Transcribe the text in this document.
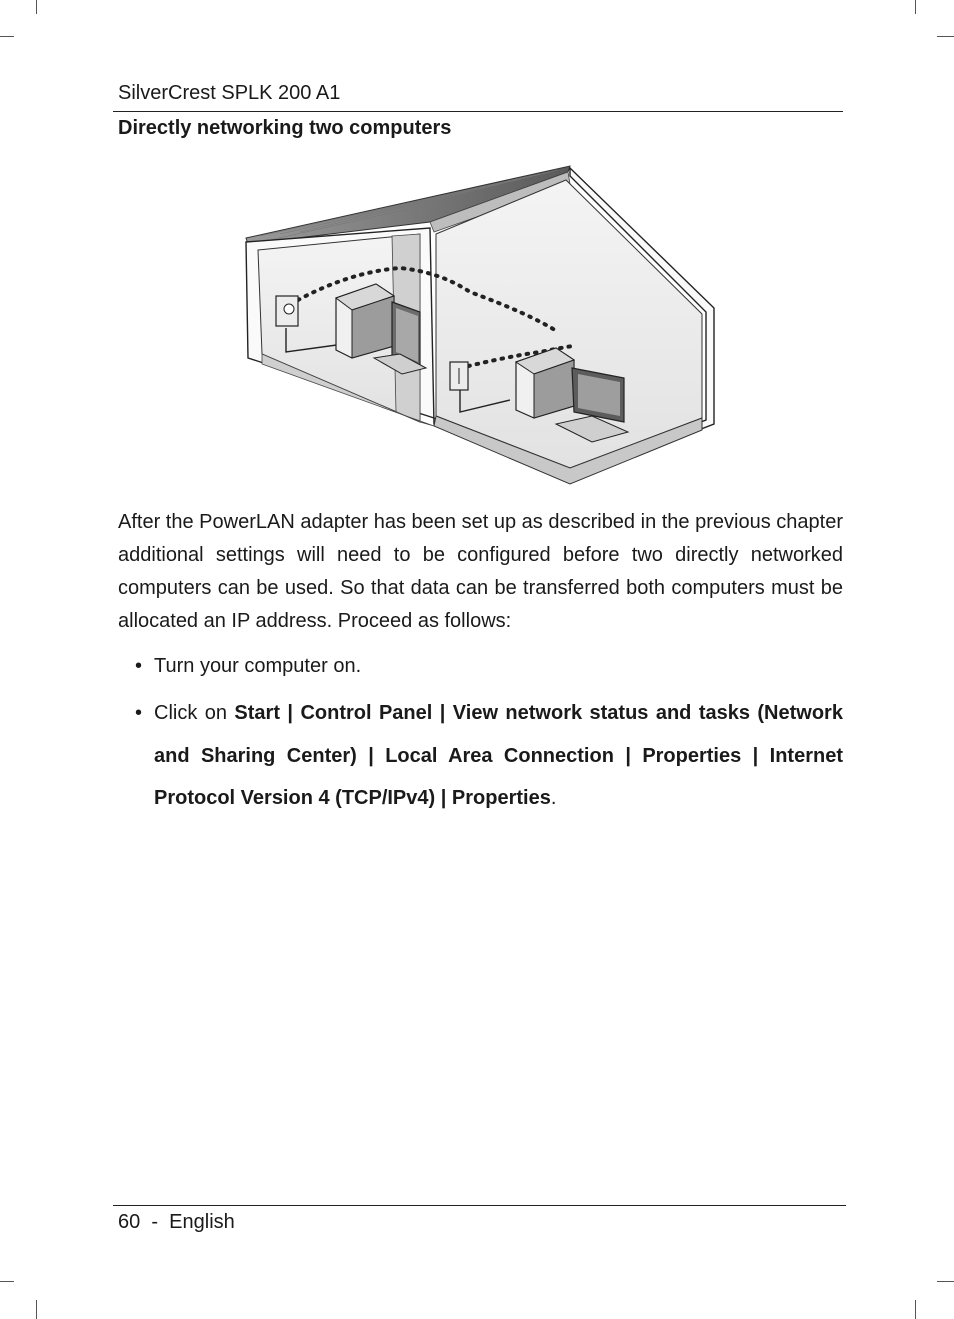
SilverCrest SPLK 200 A1
Directly networking two computers
After the PowerLAN adapter has been set up as described in the previous chapter additional settings will need to be configured before two directly networked computers can be used. So that data can be transferred both computers must be allocated an IP address. Proceed as follows:
• Turn your computer on.
• Click on Start | Control Panel | View network status and tasks (Network and Sharing Center) | Local Area Connection | Properties | Internet Protocol Version 4 (TCP/IPv4) | Properties.
60 - English
